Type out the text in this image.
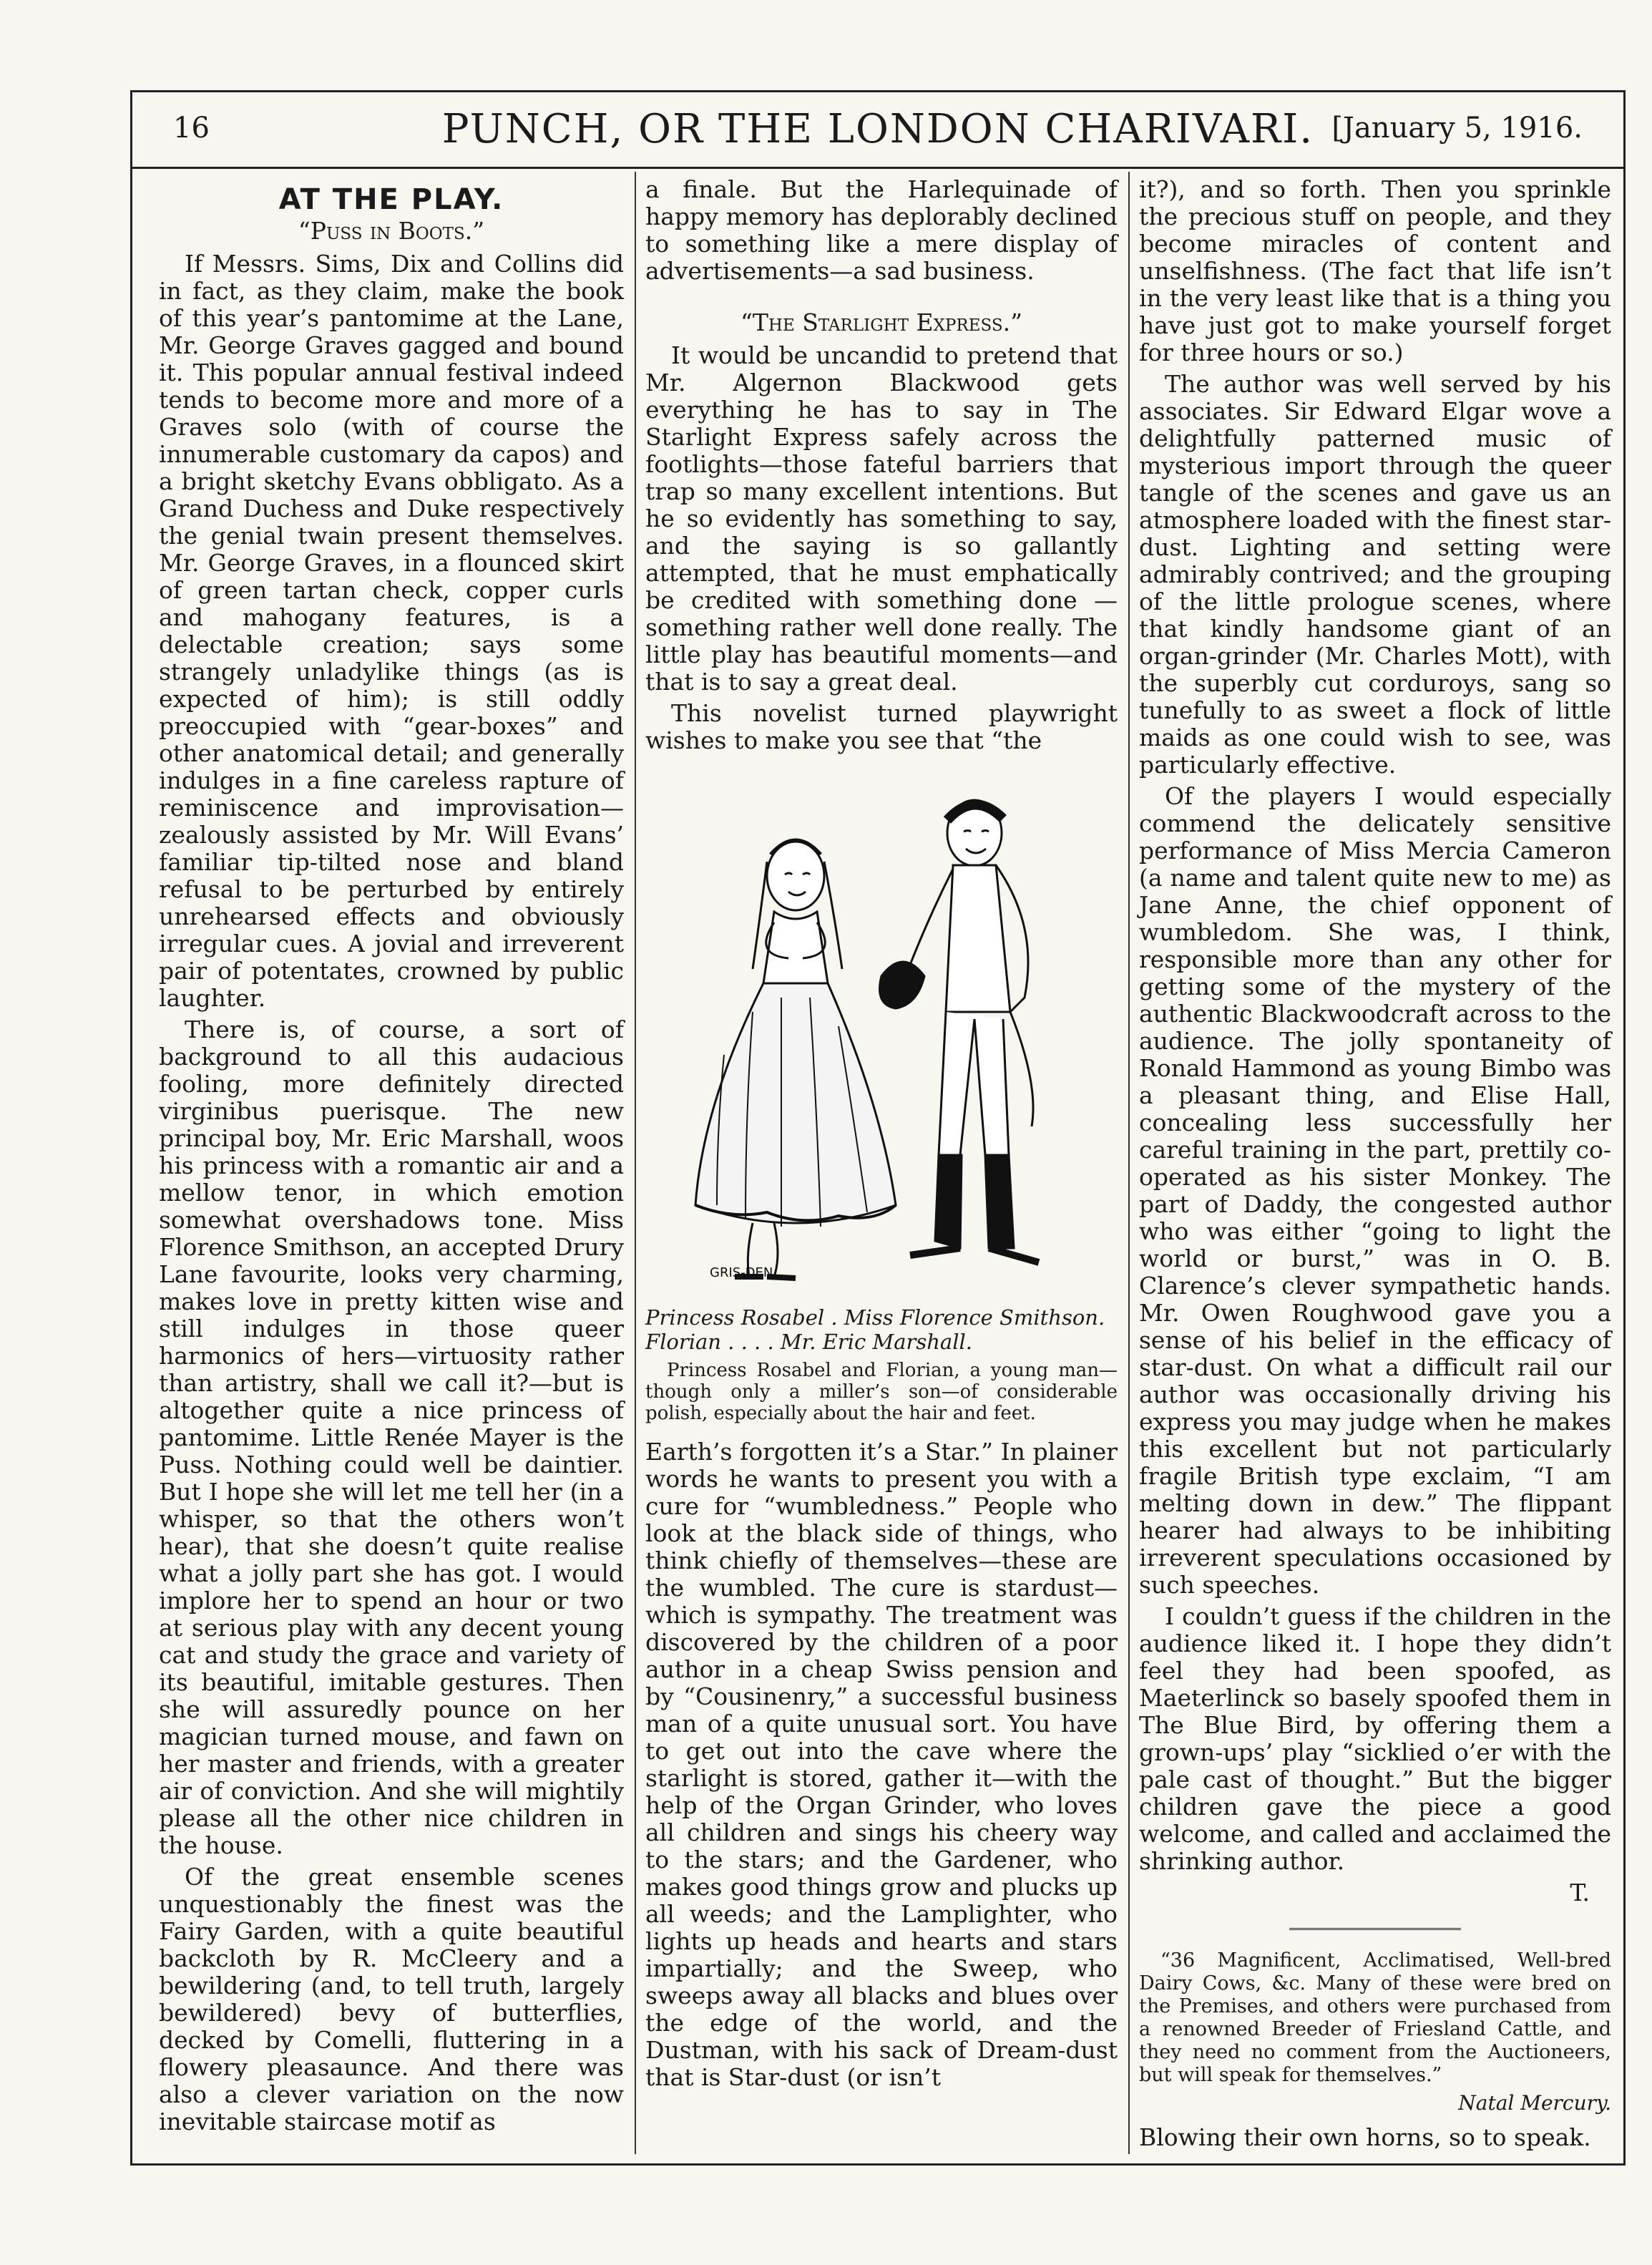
16	PUNCH, OR THE LONDON CHARIVARI. [January 5, 1916.
AT THE PLAY.
“Puss in Boots.”

If Messrs. Sims, Dix and Collins did in fact, as they claim, make the book of this year’s pantomime at the Lane, Mr. George Graves gagged and bound it. This popular annual festival indeed tends to become more and more of a Graves solo (with of course the innumerable customary da capos) and a bright sketchy Evans obbligato. As a Grand Duchess and Duke respectively the genial twain present themselves. Mr. George Graves, in a flounced skirt of green tartan check, copper curls and mahogany features, is a delectable creation; says some strangely unladylike things (as is expected of him); is still oddly preoccupied with “gear-boxes” and other anatomical detail; and generally indulges in a fine careless rapture of reminiscence and improvisation—zealously assisted by Mr. Will Evans’ familiar tip-tilted nose and bland refusal to be perturbed by entirely unrehearsed effects and obviously irregular cues. A jovial and irreverent pair of potentates, crowned by public laughter.

There is, of course, a sort of background to all this audacious fooling, more definitely directed virginibus puerisque. The new principal boy, Mr. Eric Marshall, woos his princess with a romantic air and a mellow tenor, in which emotion somewhat overshadows tone. Miss Florence Smithson, an accepted Drury Lane favourite, looks very charming, makes love in pretty kitten wise and still indulges in those queer harmonics of hers—virtuosity rather than artistry, shall we call it?—but is altogether quite a nice princess of pantomime. Little Renée Mayer is the Puss. Nothing could well be daintier. But I hope she will let me tell her (in a whisper, so that the others won’t hear), that she doesn’t quite realise what a jolly part she has got. I would implore her to spend an hour or two at serious play with any decent young cat and study the grace and variety of its beautiful, imitable gestures. Then she will assuredly pounce on her magician turned mouse, and fawn on her master and friends, with a greater air of conviction. And she will mightily please all the other nice children in the house.

Of the great ensemble scenes unquestionably the finest was the Fairy Garden, with a quite beautiful backcloth by R. McCleery and a bewildering (and, to tell truth, largely bewildered) bevy of butterflies, decked by Comelli, fluttering in a flowery pleasaunce. And there was also a clever variation on the now inevitable staircase motif as

a finale. But the Harlequinade of happy memory has deplorably declined to something like a mere display of advertisements—a sad business.

“The Starlight Express.”

It would be uncandid to pretend that Mr. Algernon Blackwood gets everything he has to say in The Starlight Express safely across the footlights—those fateful barriers that trap so many excellent intentions. But he so evidently has something to say, and the saying is so gallantly attempted, that he must emphatically be credited with something done — something rather well done really. The little play has beautiful moments—and that is to say a great deal.

This novelist turned playwright wishes to make you see that “the

GRIS-DEN
Princess Rosabel . Miss Florence Smithson.
Florian . . . . Mr. Eric Marshall.
Princess Rosabel and Florian, a young man—though only a miller’s son—of considerable polish, especially about the hair and feet.

Earth’s forgotten it’s a Star.” In plainer words he wants to present you with a cure for “wumbledness.” People who look at the black side of things, who think chiefly of themselves—these are the wumbled. The cure is stardust—which is sympathy. The treatment was discovered by the children of a poor author in a cheap Swiss pension and by “Cousinenry,” a successful business man of a quite unusual sort. You have to get out into the cave where the starlight is stored, gather it—with the help of the Organ Grinder, who loves all children and sings his cheery way to the stars; and the Gardener, who makes good things grow and plucks up all weeds; and the Lamplighter, who lights up heads and hearts and stars impartially; and the Sweep, who sweeps away all blacks and blues over the edge of the world, and the Dustman, with his sack of Dream-dust that is Star-dust (or isn’t

it?), and so forth. Then you sprinkle the precious stuff on people, and they become miracles of content and unselfishness. (The fact that life isn’t in the very least like that is a thing you have just got to make yourself forget for three hours or so.)

The author was well served by his associates. Sir Edward Elgar wove a delightfully patterned music of mysterious import through the queer tangle of the scenes and gave us an atmosphere loaded with the finest star-dust. Lighting and setting were admirably contrived; and the grouping of the little prologue scenes, where that kindly handsome giant of an organ-grinder (Mr. Charles Mott), with the superbly cut corduroys, sang so tunefully to as sweet a flock of little maids as one could wish to see, was particularly effective.

Of the players I would especially commend the delicately sensitive performance of Miss Mercia Cameron (a name and talent quite new to me) as Jane Anne, the chief opponent of wumbledom. She was, I think, responsible more than any other for getting some of the mystery of the authentic Blackwoodcraft across to the audience. The jolly spontaneity of Ronald Hammond as young Bimbo was a pleasant thing, and Elise Hall, concealing less successfully her careful training in the part, prettily co-operated as his sister Monkey. The part of Daddy, the congested author who was either “going to light the world or burst,” was in O. B. Clarence’s clever sympathetic hands. Mr. Owen Roughwood gave you a sense of his belief in the efficacy of star-dust. On what a difficult rail our author was occasionally driving his express you may judge when he makes this excellent but not particularly fragile British type exclaim, “I am melting down in dew.” The flippant hearer had always to be inhibiting irreverent speculations occasioned by such speeches.

I couldn’t guess if the children in the audience liked it. I hope they didn’t feel they had been spoofed, as Maeterlinck so basely spoofed them in The Blue Bird, by offering them a grown-ups’ play “sicklied o’er with the pale cast of thought.” But the bigger children gave the piece a good welcome, and called and acclaimed the shrinking author.

T.
“36 Magnificent, Acclimatised, Well-bred Dairy Cows, &c. Many of these were bred on the Premises, and others were purchased from a renowned Breeder of Friesland Cattle, and they need no comment from the Auctioneers, but will speak for themselves.”
Natal Mercury.

Blowing their own horns, so to speak.
